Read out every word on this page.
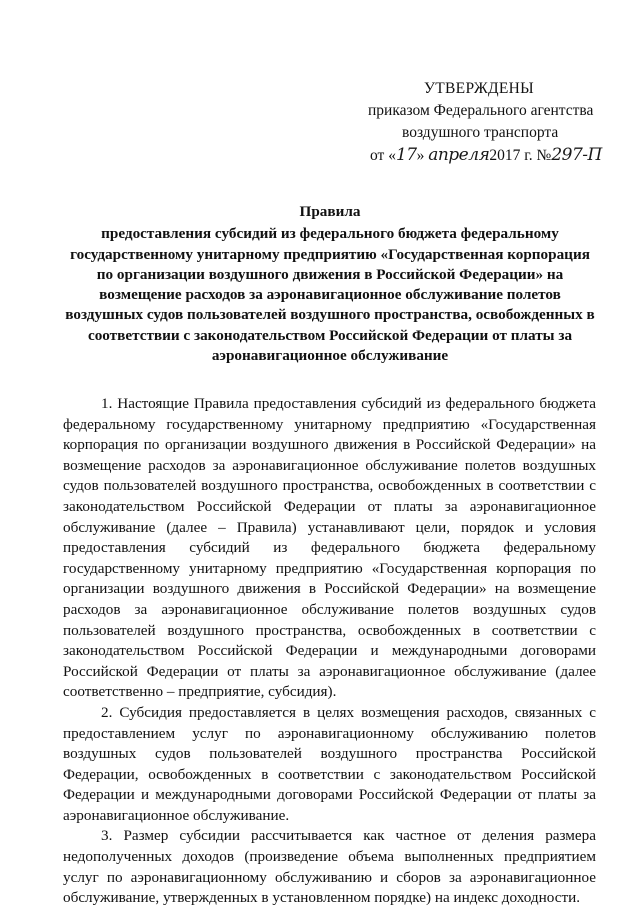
УТВЕРЖДЕНЫ
приказом Федерального агентства
воздушного транспорта
от «17» апреля2017 г. №297-П
Правила
предоставления субсидий из федерального бюджета федеральному
государственному унитарному предприятию «Государственная корпорация
по организации воздушного движения в Российской Федерации» на
возмещение расходов за аэронавигационное обслуживание полетов
воздушных судов пользователей воздушного пространства, освобожденных в
соответствии с законодательством Российской Федерации от платы за
аэронавигационное обслуживание

1. Настоящие Правила предоставления субсидий из федерального бюджета федеральному государственному унитарному предприятию «Государственная корпорация по организации воздушного движения в Российской Федерации» на возмещение расходов за аэронавигационное обслуживание полетов воздушных судов пользователей воздушного пространства, освобожденных в соответствии с законодательством Российской Федерации от платы за аэронавигационное обслуживание (далее – Правила) устанавливают цели, порядок и условия предоставления субсидий из федерального бюджета федеральному государственному унитарному предприятию «Государственная корпорация по организации воздушного движения в Российской Федерации» на возмещение расходов за аэронавигационное обслуживание полетов воздушных судов пользователей воздушного пространства, освобожденных в соответствии с законодательством Российской Федерации и международными договорами Российской Федерации от платы за аэронавигационное обслуживание (далее соответственно – предприятие, субсидия).

2. Субсидия предоставляется в целях возмещения расходов, связанных с предоставлением услуг по аэронавигационному обслуживанию полетов воздушных судов пользователей воздушного пространства Российской Федерации, освобожденных в соответствии с законодательством Российской Федерации и международными договорами Российской Федерации от платы за аэронавигационное обслуживание.

3. Размер субсидии рассчитывается как частное от деления размера недополученных доходов (произведение объема выполненных предприятием услуг по аэронавигационному обслуживанию и сборов за аэронавигационное обслуживание, утвержденных в установленном порядке) на индекс доходности.
